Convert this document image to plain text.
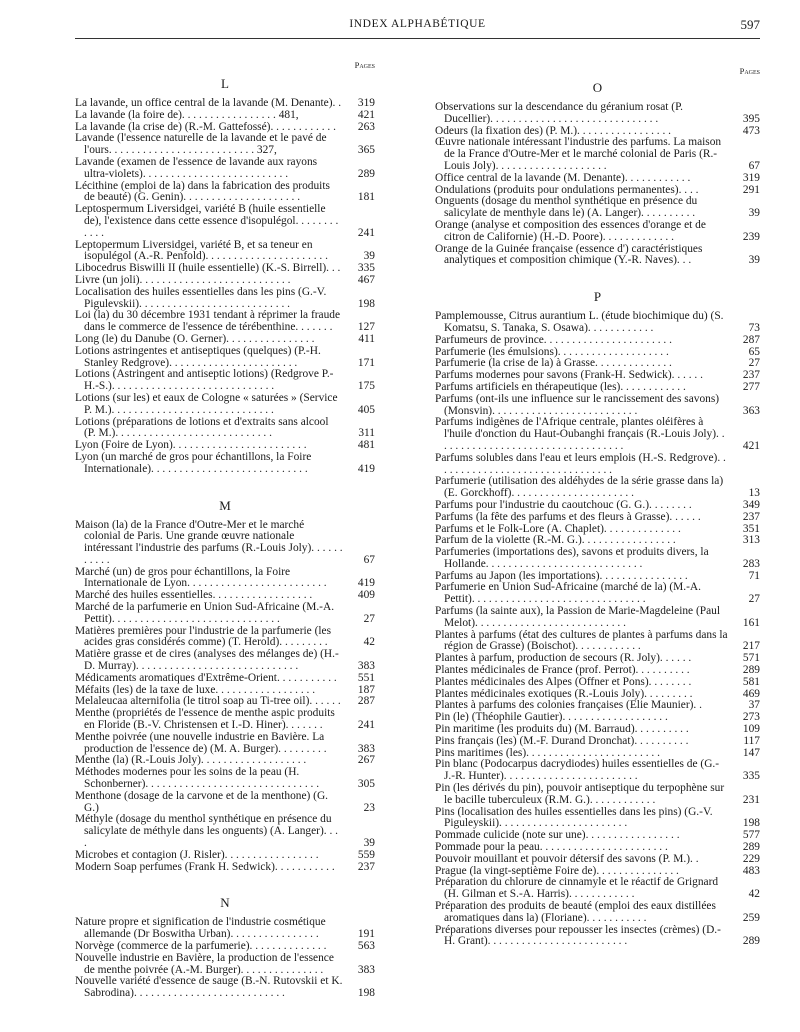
INDEX ALPHABÉTIQUE	597
Pages
L
La lavande, un office central de la lavande (M. Denante). .	319
La lavande (la foire de). . . . . . . . . . . . . . . . . 481,	421
La lavande (la crise de) (R.-M. Gattefossé). . . . . . . . . . . .	263
Lavande (l'essence naturelle de la lavande et le pavé de l'ours. . . . . . . . . . . . . . . . . . . . . . . . . . 327,	365
Lavande (examen de l'essence de lavande aux rayons ultra-violets). . . . . . . . . . . . . . . . . . . . . . . . . .	289
Lécithine (emploi de la) dans la fabrication des produits de beauté) (G. Genin). . . . . . . . . . . . . . . . . . . . .	181
Leptospermum Liversidgei, variété B (huile essentielle de), l'existence dans cette essence d'isopulégol. . . . . . . . . . . .	241
Leptopermum Liversidgei, variété B, et sa teneur en isopulégol (A.-R. Penfold). . . . . . . . . . . . . . . . . . . . . .	39
Libocedrus Biswilli II (huile essentielle) (K.-S. Birrell). . .	335
Livre (un joli). . . . . . . . . . . . . . . . . . . . . . . . . . .	467
Localisation des huiles essentielles dans les pins (G.-V. Pigulevskii). . . . . . . . . . . . . . . . . . . . . . . . . . .	198
Loi (la) du 30 décembre 1931 tendant à réprimer la fraude dans le commerce de l'essence de térébenthine. . . . . . .	127
Long (le) du Danube (O. Gerner). . . . . . . . . . . . . . . .	411
Lotions astringentes et antiseptiques (quelques) (P.-H. Stanley Redgrove). . . . . . . . . . . . . . . . . . . . . . .	171
Lotions (Astringent and antiseptic lotions) (Redgrove P.-H.-S.). . . . . . . . . . . . . . . . . . . . . . . . . . . . .	175
Lotions (sur les) et eaux de Cologne « saturées » (Service P. M.). . . . . . . . . . . . . . . . . . . . . . . . . . . . .	405
Lotions (préparations de lotions et d'extraits sans alcool (P. M.). . . . . . . . . . . . . . . . . . . . . . . . . . . .	311
Lyon (Foire de Lyon). . . . . . . . . . . . . . . . . . . . . . . .	481
Lyon (un marché de gros pour échantillons, la Foire Internationale). . . . . . . . . . . . . . . . . . . . . . . . . . . .	419
M
Maison (la) de la France d'Outre-Mer et le marché colonial de Paris. Une grande œuvre nationale intéressant l'industrie des parfums (R.-Louis Joly). . . . . . . . . . .	67
Marché (un) de gros pour échantillons, la Foire Internationale de Lyon. . . . . . . . . . . . . . . . . . . . . . . . .	419
Marché des huiles essentielles. . . . . . . . . . . . . . . . . .	409
Marché de la parfumerie en Union Sud-Africaine (M.-A. Pettit). . . . . . . . . . . . . . . . . . . . . . . . . . . . . .	27
Matières premières pour l'industrie de la parfumerie (les acides gras considérés comme) (T. Herold). . . . . . . . .	42
Matière grasse et de cires (analyses des mélanges de) (H.-D. Murray). . . . . . . . . . . . . . . . . . . . . . . . . . . . .	383
Médicaments aromatiques d'Extrême-Orient. . . . . . . . . . .	551
Méfaits (les) de la taxe de luxe. . . . . . . . . . . . . . . . . .	187
Melaleucaa alternifolia (le titrol soap au Ti-tree oil). . . . . .	287
Menthe (propriétés de l'essence de menthe aspic produits en Floride (B.-V. Christensen et I.-D. Hiner). . . . . . .	241
Menthe poivrée (une nouvelle industrie en Bavière. La production de l'essence de) (M. A. Burger). . . . . . . . .	383
Menthe (la) (R.-Louis Joly). . . . . . . . . . . . . . . . . . .	267
Méthodes modernes pour les soins de la peau (H. Schonberner). . . . . . . . . . . . . . . . . . . . . . . . . . . . . . .	305
Menthone (dosage de la carvone et de la menthone) (G. G.)	23
Méthyle (dosage du menthol synthétique en présence du salicylate de méthyle dans les onguents) (A. Langer). . . .	39
Microbes et contagion (J. Risler). . . . . . . . . . . . . . . . .	559
Modern Soap perfumes (Frank H. Sedwick). . . . . . . . . . .	237
N
Nature propre et signification de l'industrie cosmétique allemande (Dr Boswitha Urban). . . . . . . . . . . . . . . .	191
Norvège (commerce de la parfumerie). . . . . . . . . . . . . .	563
Nouvelle industrie en Bavière, la production de l'essence de menthe poivrée (A.-M. Burger). . . . . . . . . . . . . . .	383
Nouvelle variété d'essence de sauge (B.-N. Rutovskii et K. Sabrodina). . . . . . . . . . . . . . . . . . . . . . . . . . .	198
Pages
O
Observations sur la descendance du géranium rosat (P. Ducellier). . . . . . . . . . . . . . . . . . . . . . . . . . . . . .	395
Odeurs (la fixation des) (P. M.). . . . . . . . . . . . . . . . .	473
Œuvre nationale intéressant l'industrie des parfums. La maison de la France d'Outre-Mer et le marché colonial de Paris (R.-Louis Joly). . . . . . . . . . . . . . . . . . . .	67
Office central de la lavande (M. Denante). . . . . . . . . . . .	319
Ondulations (produits pour ondulations permanentes). . . .	291
Onguents (dosage du menthol synthétique en présence du salicylate de menthyle dans le) (A. Langer). . . . . . . . . .	39
Orange (analyse et composition des essences d'orange et de citron de Californie) (H.-D. Poore). . . . . . . . . . . . .	239
Orange de la Guinée française (essence d') caractéristiques analytiques et composition chimique (Y.-R. Naves). . .	39
P
Pamplemousse, Citrus aurantium L. (étude biochimique du) (S. Komatsu, S. Tanaka, S. Osawa). . . . . . . . . . . .	73
Parfumeurs de province. . . . . . . . . . . . . . . . . . . . . . .	287
Parfumerie (les émulsions). . . . . . . . . . . . . . . . . . . .	65
Parfumerie (la crise de la) à Grasse. . . . . . . . . . . . . .	27
Parfums modernes pour savons (Frank-H. Sedwick). . . . . .	237
Parfums artificiels en thérapeutique (les). . . . . . . . . . . .	277
Parfums (ont-ils une influence sur le rancissement des savons) (Monsvin). . . . . . . . . . . . . . . . . . . . . . . . . .	363
Parfums indigènes de l'Afrique centrale, plantes oléifères à l'huile d'onction du Haut-Oubanghi français (R.-Louis Joly). . . . . . . . . . . . . . . . . . . . . . . . . . . . . . . . . .	421
Parfums solubles dans l'eau et leurs emplois (H.-S. Redgrove). . . . . . . . . . . . . . . . . . . . . . . . . . . . . . . .
Parfumerie (utilisation des aldéhydes de la série grasse dans la) (E. Gorckhoff). . . . . . . . . . . . . . . . . . . . . .	13
Parfums pour l'industrie du caoutchouc (G. G.). . . . . . . .	349
Parfums (la fête des parfums et des fleurs à Grasse). . . . . .	237
Parfums et le Folk-Lore (A. Chaplet). . . . . . . . . . . . . .	351
Parfum de la violette (R.-M. G.). . . . . . . . . . . . . . . . .	313
Parfumeries (importations des), savons et produits divers, la Hollande. . . . . . . . . . . . . . . . . . . . . . . . . . . .	283
Parfums au Japon (les importations). . . . . . . . . . . . . . . .	71
Parfumerie en Union Sud-Africaine (marché de la) (M.-A. Pettit). . . . . . . . . . . . . . . . . . . . . . . . . . . . . . .	27
Parfums (la sainte aux), la Passion de Marie-Magdeleine (Paul Melot). . . . . . . . . . . . . . . . . . . . . . . . . . .	161
Plantes à parfums (état des cultures de plantes à parfums dans la région de Grasse) (Boischot). . . . . . . . . . . .	217
Plantes à parfum, production de secours (R. Joly). . . . . .	571
Plantes médicinales de France (prof. Perrot). . . . . . . . . .	289
Plantes médicinales des Alpes (Offner et Pons). . . . . . . .	581
Plantes médicinales exotiques (R.-Louis Joly). . . . . . . . .	469
Plantes à parfums des colonies françaises (Elie Maunier). .	37
Pin (le) (Théophile Gautier). . . . . . . . . . . . . . . . . . .	273
Pin maritime (les produits du) (M. Barraud). . . . . . . . . .	109
Pins français (les) (M.-F. Durand Dronchat). . . . . . . . . .	117
Pins maritimes (les). . . . . . . . . . . . . . . . . . . . . . . .	147
Pin blanc (Podocarpus dacrydiodes) huiles essentielles de (G.-J.-R. Hunter). . . . . . . . . . . . . . . . . . . . . . . .	335
Pin (les dérivés du pin), pouvoir antiseptique du terpophène sur le bacille tuberculeux (R.M. G.). . . . . . . . . . . .	231
Pins (localisation des huiles essentielles dans les pins) (G.-V. Piguleyskii). . . . . . . . . . . . . . . . . . . . . . .	198
Pommade culicide (note sur une). . . . . . . . . . . . . . . . .	577
Pommade pour la peau. . . . . . . . . . . . . . . . . . . . . . .	289
Pouvoir mouillant et pouvoir détersif des savons (P. M.). .	229
Prague (la vingt-septième Foire de). . . . . . . . . . . . . . .	483
Préparation du chlorure de cinnamyle et le réactif de Grignard (H. Gilman et S.-A. Harris). . . . . . . . . . . .	42
Préparation des produits de beauté (emploi des eaux distillées aromatiques dans la) (Floriane). . . . . . . . . . .	259
Préparations diverses pour repousser les insectes (crèmes) (D.-H. Grant). . . . . . . . . . . . . . . . . . . . . . . . .	289
